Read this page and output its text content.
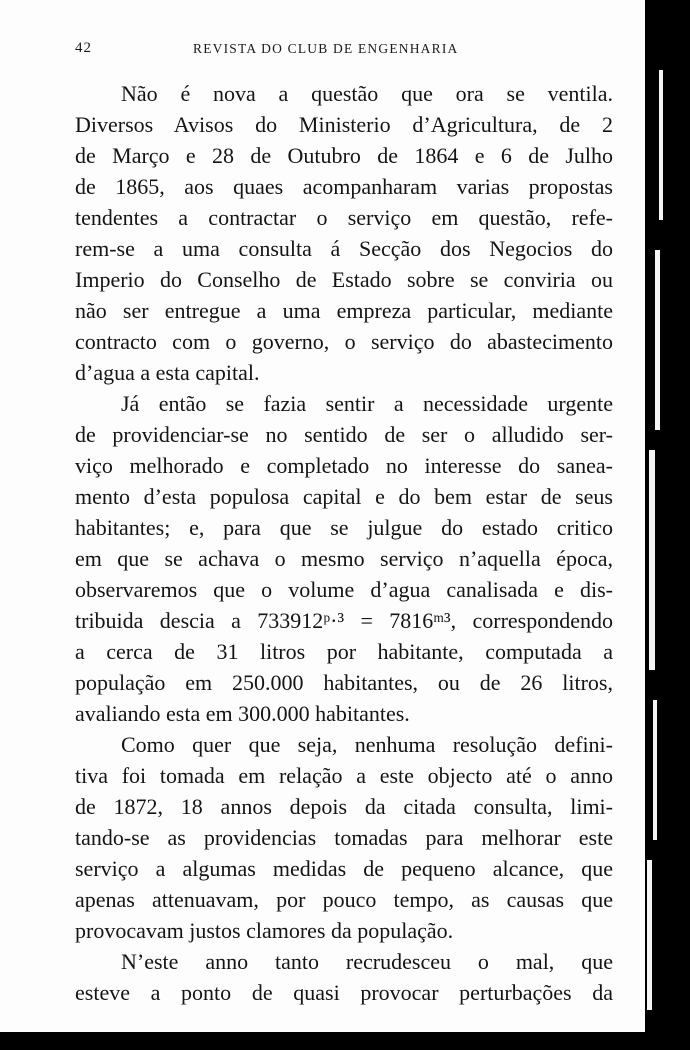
42	REVISTA DO CLUB DE ENGENHARIA
Não é nova a questão que ora se ventila.
Diversos Avisos do Ministerio d’Agricultura, de 2
de Março e 28 de Outubro de 1864 e 6 de Julho
de 1865, aos quaes acompanharam varias propostas
tendentes a contractar o serviço em questão, refe-
rem-se a uma consulta á Secção dos Negocios do
Imperio do Conselho de Estado sobre se conviria ou
não ser entregue a uma empreza particular, mediante
contracto com o governo, o serviço do abastecimento
d’agua a esta capital.
Já então se fazia sentir a necessidade urgente
de providenciar-se no sentido de ser o alludido ser-
viço melhorado e completado no interesse do sanea-
mento d’esta populosa capital e do bem estar de seus
habitantes; e, para que se julgue do estado critico
em que se achava o mesmo serviço n’aquella época,
observaremos que o volume d’agua canalisada e dis-
tribuida descia a 733912ᵖ·³ = 7816ᵐ³, correspondendo
a cerca de 31 litros por habitante, computada a
população em 250.000 habitantes, ou de 26 litros,
avaliando esta em 300.000 habitantes.
Como quer que seja, nenhuma resolução defini-
tiva foi tomada em relação a este objecto até o anno
de 1872, 18 annos depois da citada consulta, limi-
tando-se as providencias tomadas para melhorar este
serviço a algumas medidas de pequeno alcance, que
apenas attenuavam, por pouco tempo, as causas que
provocavam justos clamores da população.
N’este anno tanto recrudesceu o mal, que
esteve a ponto de quasi provocar perturbações da
